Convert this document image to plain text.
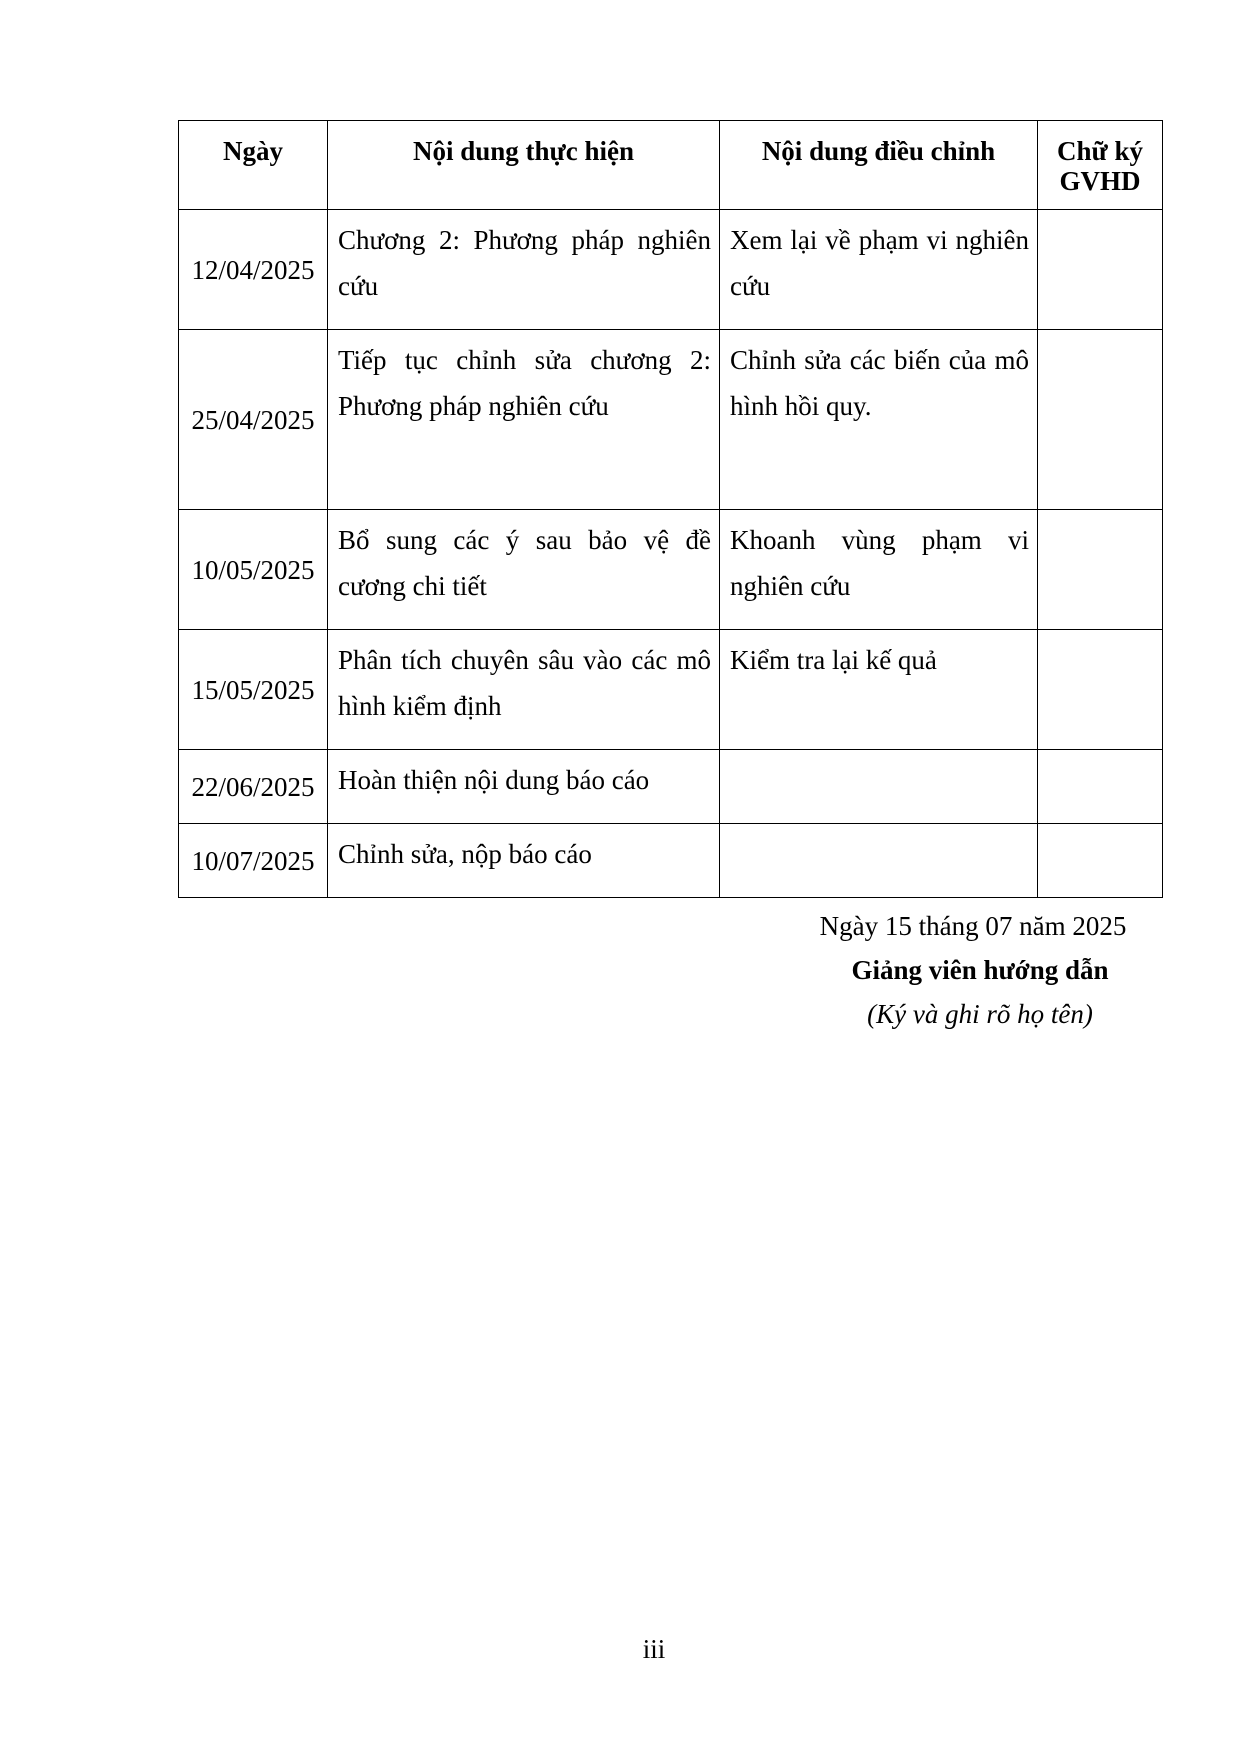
Ngày	Nội dung thực hiện	Nội dung điều chỉnh	Chữ ký GVHD
12/04/2025	Chương 2: Phương pháp nghiên cứu	Xem lại về phạm vi nghiên cứu	
25/04/2025	Tiếp tục chỉnh sửa chương 2: Phương pháp nghiên cứu	Chỉnh sửa các biến của mô hình hồi quy.	
10/05/2025	Bổ sung các ý sau bảo vệ đề cương chi tiết	Khoanh vùng phạm vi nghiên cứu	
15/05/2025	Phân tích chuyên sâu vào các mô hình kiểm định	Kiểm tra lại kế quả	
22/06/2025	Hoàn thiện nội dung báo cáo		
10/07/2025	Chỉnh sửa, nộp báo cáo		
Ngày 15 tháng 07 năm 2025
Giảng viên hướng dẫn
(Ký và ghi rõ họ tên)
iii
